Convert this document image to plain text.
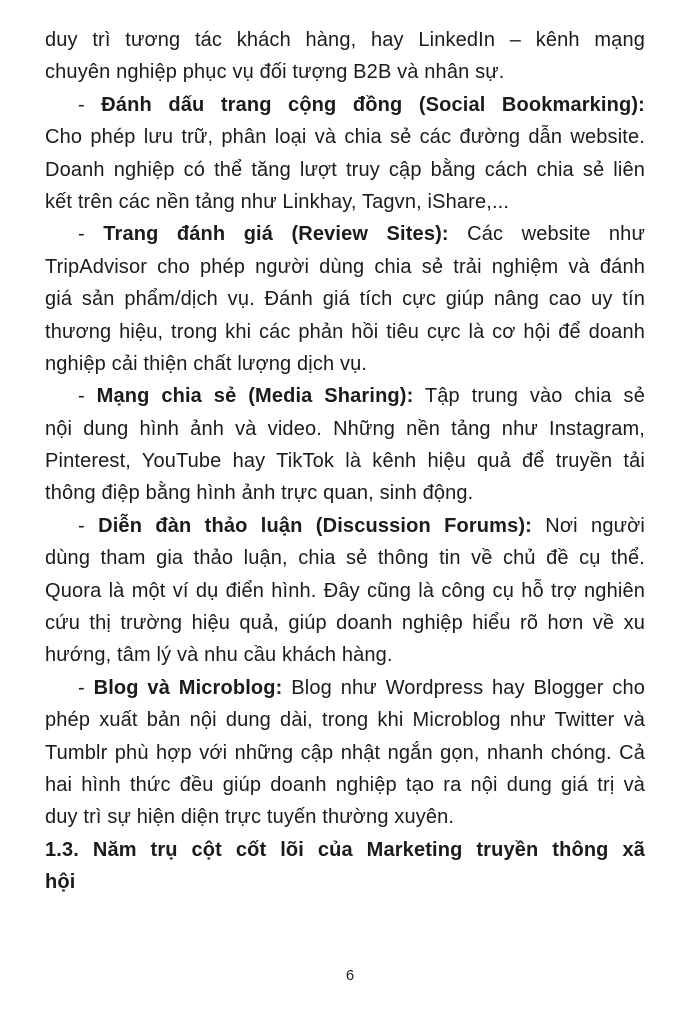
duy trì tương tác khách hàng, hay LinkedIn – kênh mạng
chuyên nghiệp phục vụ đối tượng B2B và nhân sự.
- Đánh dấu trang cộng đồng (Social Bookmarking):
Cho phép lưu trữ, phân loại và chia sẻ các đường dẫn website.
Doanh nghiệp có thể tăng lượt truy cập bằng cách chia sẻ liên
kết trên các nền tảng như Linkhay, Tagvn, iShare,...
- Trang đánh giá (Review Sites): Các website như
TripAdvisor cho phép người dùng chia sẻ trải nghiệm và đánh
giá sản phẩm/dịch vụ. Đánh giá tích cực giúp nâng cao uy tín
thương hiệu, trong khi các phản hồi tiêu cực là cơ hội để doanh
nghiệp cải thiện chất lượng dịch vụ.
- Mạng chia sẻ (Media Sharing): Tập trung vào chia sẻ
nội dung hình ảnh và video. Những nền tảng như Instagram,
Pinterest, YouTube hay TikTok là kênh hiệu quả để truyền tải
thông điệp bằng hình ảnh trực quan, sinh động.
- Diễn đàn thảo luận (Discussion Forums): Nơi người
dùng tham gia thảo luận, chia sẻ thông tin về chủ đề cụ thể.
Quora là một ví dụ điển hình. Đây cũng là công cụ hỗ trợ nghiên
cứu thị trường hiệu quả, giúp doanh nghiệp hiểu rõ hơn về xu
hướng, tâm lý và nhu cầu khách hàng.
- Blog và Microblog: Blog như Wordpress hay Blogger cho
phép xuất bản nội dung dài, trong khi Microblog như Twitter và
Tumblr phù hợp với những cập nhật ngắn gọn, nhanh chóng. Cả
hai hình thức đều giúp doanh nghiệp tạo ra nội dung giá trị và
duy trì sự hiện diện trực tuyến thường xuyên.
1.3. Năm trụ cột cốt lõi của Marketing truyền thông xã
hội
6
